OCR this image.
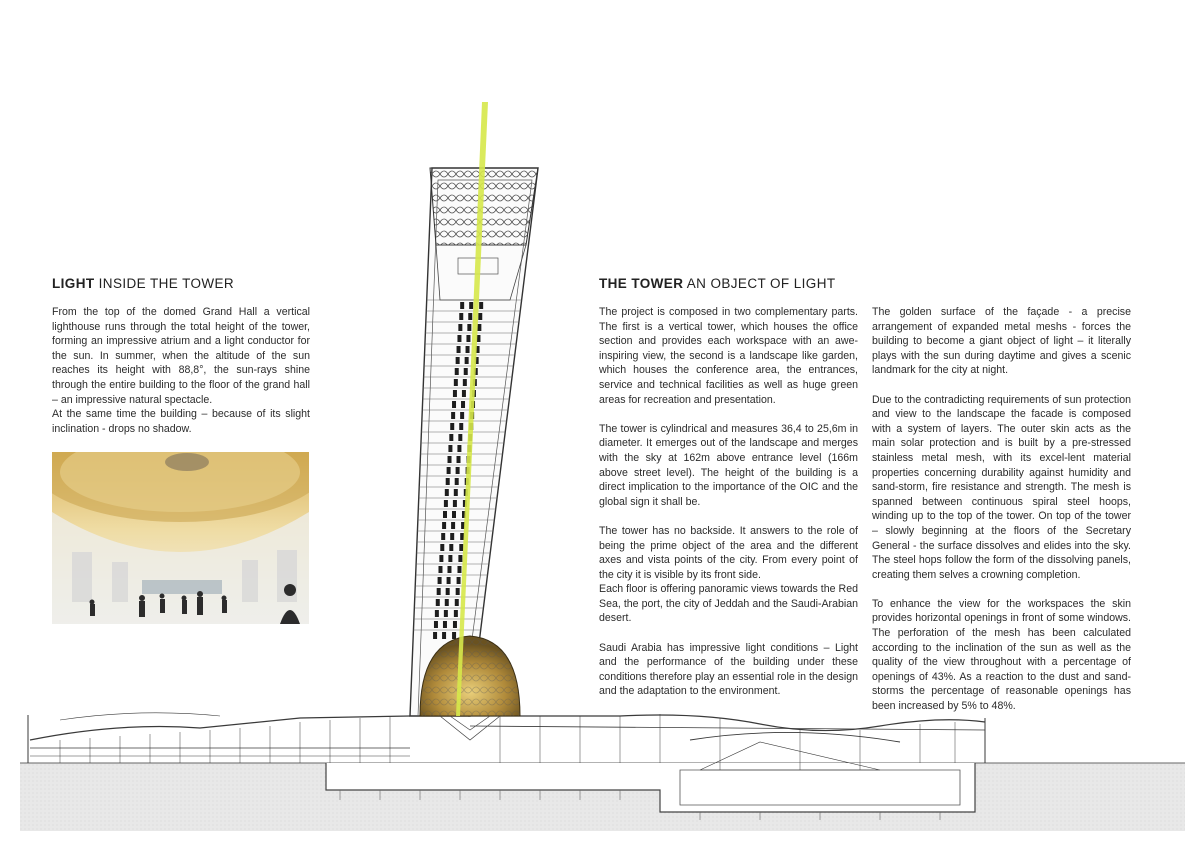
LIGHT INSIDE THE TOWER

From the top of the domed Grand Hall a vertical lighthouse runs through the total height of the tower, forming an impressive atrium and a light conductor for the sun. In summer, when the altitude of the sun reaches its height with 88,8°, the sun-rays shine through the entire building to the floor of the grand hall – an impressive natural spectacle.

At the same time the building – because of its slight inclination - drops no shadow.

THE TOWER AN OBJECT OF LIGHT

The project is composed in two complementary parts. The first is a vertical tower, which houses the office section and provides each workspace with an awe-inspiring view, the second is a landscape like garden, which houses the conference area, the entrances, service and technical facilities as well as huge green areas for recreation and presentation.

The tower is cylindrical and measures 36,4 to 25,6m in diameter. It emerges out of the landscape and merges with the sky at 162m above entrance level (166m above street level). The height of the building is a direct implication to the importance of the OIC and the global sign it shall be.

The tower has no backside. It answers to the role of being the prime object of the area and the different axes and vista points of the city. From every point of the city it is visible by its front side.

Each floor is offering panoramic views towards the Red Sea, the port, the city of Jeddah and the Saudi-Arabian desert.

Saudi Arabia has impressive light conditions – Light and the performance of the building under these conditions therefore play an essential role in the design and the adaptation to the environment.

The golden surface of the façade - a precise arrangement of expanded metal meshs - forces the building to become a giant object of light – it literally plays with the sun during daytime and gives a scenic landmark for the city at night.

Due to the contradicting requirements of sun protection and view to the landscape the facade is composed with a system of layers. The outer skin acts as the main solar protection and is built by a pre-stressed stainless metal mesh, with its excel-lent material properties concerning durability against humidity and sand-storm, fire resistance and strength. The mesh is spanned between continuous spiral steel hoops, winding up to the top of the tower. On top of the tower – slowly beginning at the floors of the Secretary General - the surface dissolves and elides into the sky. The steel hops follow the form of the dissolving panels, creating them selves a crowning completion.

To enhance the view for the workspaces the skin provides horizontal openings in front of some windows. The perforation of the mesh has been calculated according to the inclination of the sun as well as the quality of the view throughout with a percentage of openings of 43%. As a reaction to the dust and sand-storms the percentage of reasonable openings has been increased by 5% to 48%.
